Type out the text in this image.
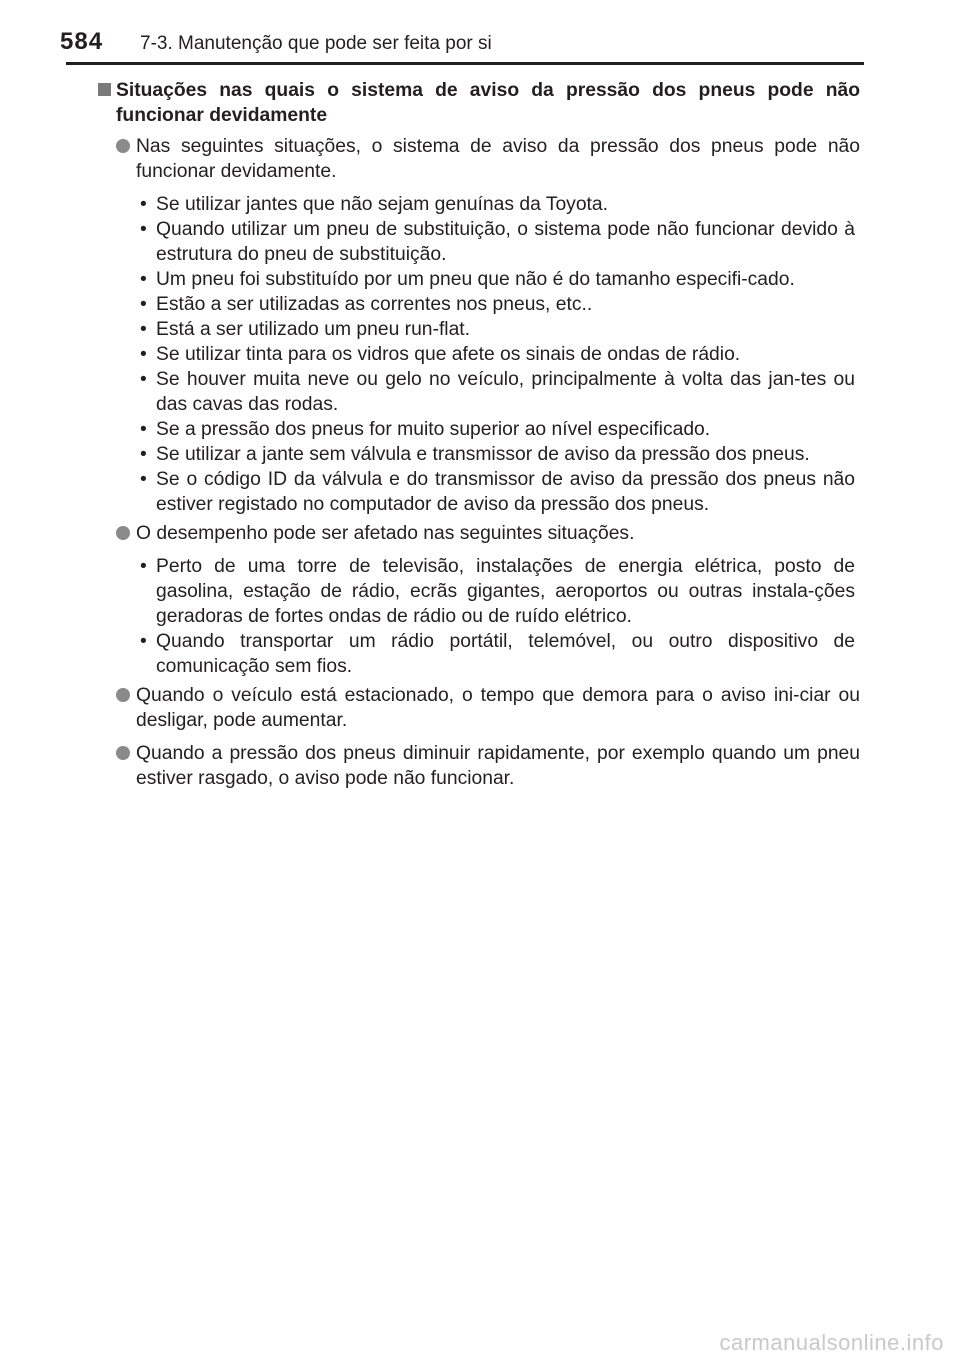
584 7-3. Manutenção que pode ser feita por si
Situações nas quais o sistema de aviso da pressão dos pneus pode não funcionar devidamente
Nas seguintes situações, o sistema de aviso da pressão dos pneus pode não funcionar devidamente.
• Se utilizar jantes que não sejam genuínas da Toyota.
• Quando utilizar um pneu de substituição, o sistema pode não funcionar devido à estrutura do pneu de substituição.
• Um pneu foi substituído por um pneu que não é do tamanho especifi-cado.
• Estão a ser utilizadas as correntes nos pneus, etc..
• Está a ser utilizado um pneu run-flat.
• Se utilizar tinta para os vidros que afete os sinais de ondas de rádio.
• Se houver muita neve ou gelo no veículo, principalmente à volta das jan-tes ou das cavas das rodas.
• Se a pressão dos pneus for muito superior ao nível especificado.
• Se utilizar a jante sem válvula e transmissor de aviso da pressão dos pneus.
• Se o código ID da válvula e do transmissor de aviso da pressão dos pneus não estiver registado no computador de aviso da pressão dos pneus.
O desempenho pode ser afetado nas seguintes situações.
• Perto de uma torre de televisão, instalações de energia elétrica, posto de gasolina, estação de rádio, ecrãs gigantes, aeroportos ou outras instala-ções geradoras de fortes ondas de rádio ou de ruído elétrico.
• Quando transportar um rádio portátil, telemóvel, ou outro dispositivo de comunicação sem fios.
Quando o veículo está estacionado, o tempo que demora para o aviso ini-ciar ou desligar, pode aumentar.
Quando a pressão dos pneus diminuir rapidamente, por exemplo quando um pneu estiver rasgado, o aviso pode não funcionar.
carmanualsonline.info
